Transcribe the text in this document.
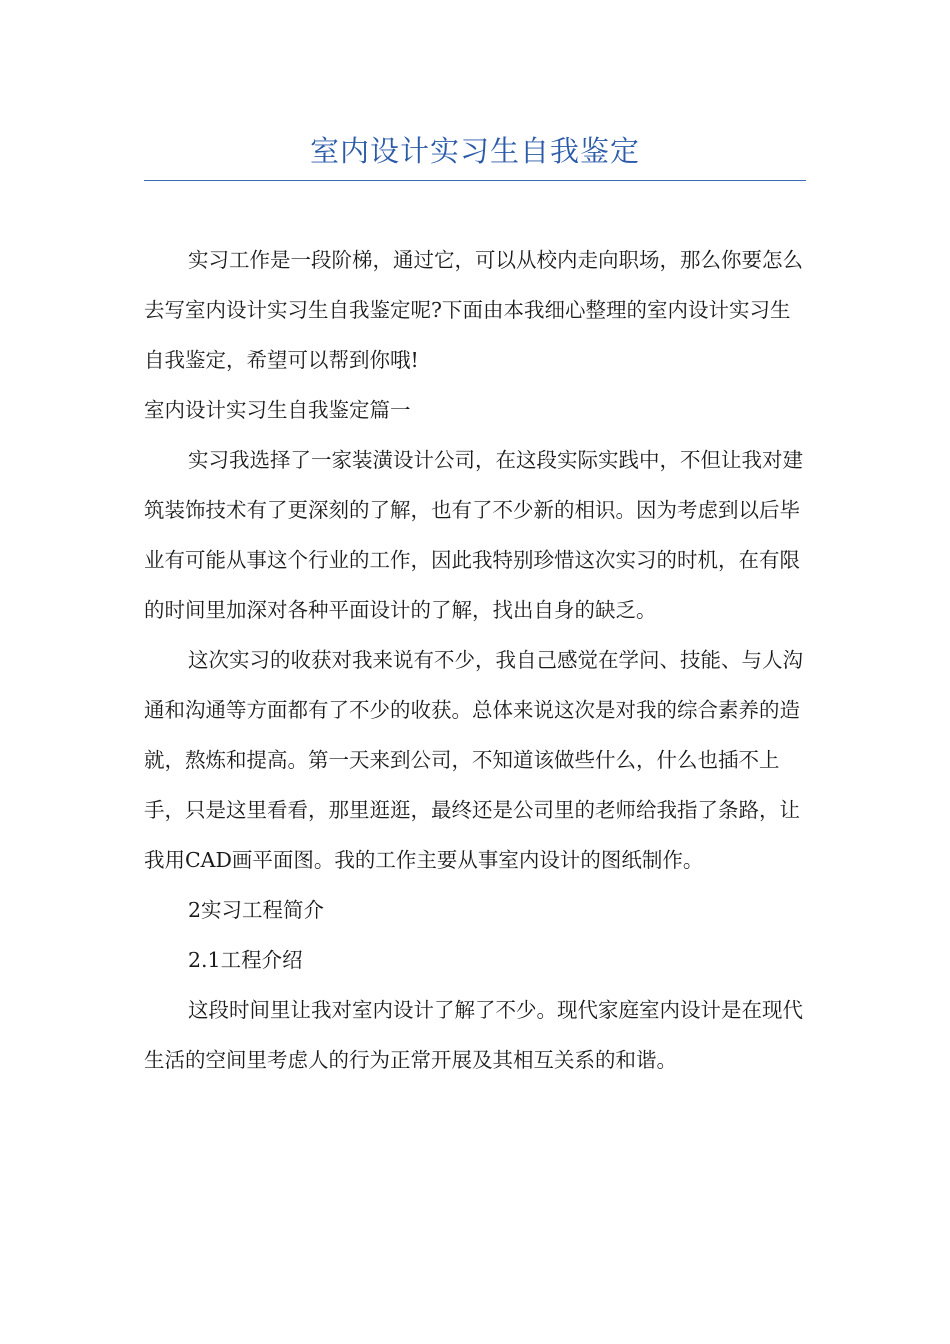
室内设计实习生自我鉴定

实习工作是一段阶梯，通过它，可以从校内走向职场，那么你要怎么去写室内设计实习生自我鉴定呢?下面由本我细心整理的室内设计实习生自我鉴定，希望可以帮到你哦!

室内设计实习生自我鉴定篇一

实习我选择了一家装潢设计公司，在这段实际实践中，不但让我对建筑装饰技术有了更深刻的了解，也有了不少新的相识。因为考虑到以后毕业有可能从事这个行业的工作，因此我特别珍惜这次实习的时机，在有限的时间里加深对各种平面设计的了解，找出自身的缺乏。

这次实习的收获对我来说有不少，我自己感觉在学问、技能、与人沟通和沟通等方面都有了不少的收获。总体来说这次是对我的综合素养的造就，熬炼和提高。第一天来到公司，不知道该做些什么，什么也插不上手，只是这里看看，那里逛逛，最终还是公司里的老师给我指了条路，让我用CAD画平面图。我的工作主要从事室内设计的图纸制作。

2实习工程简介

2.1工程介绍

这段时间里让我对室内设计了解了不少。现代家庭室内设计是在现代生活的空间里考虑人的行为正常开展及其相互关系的和谐。
